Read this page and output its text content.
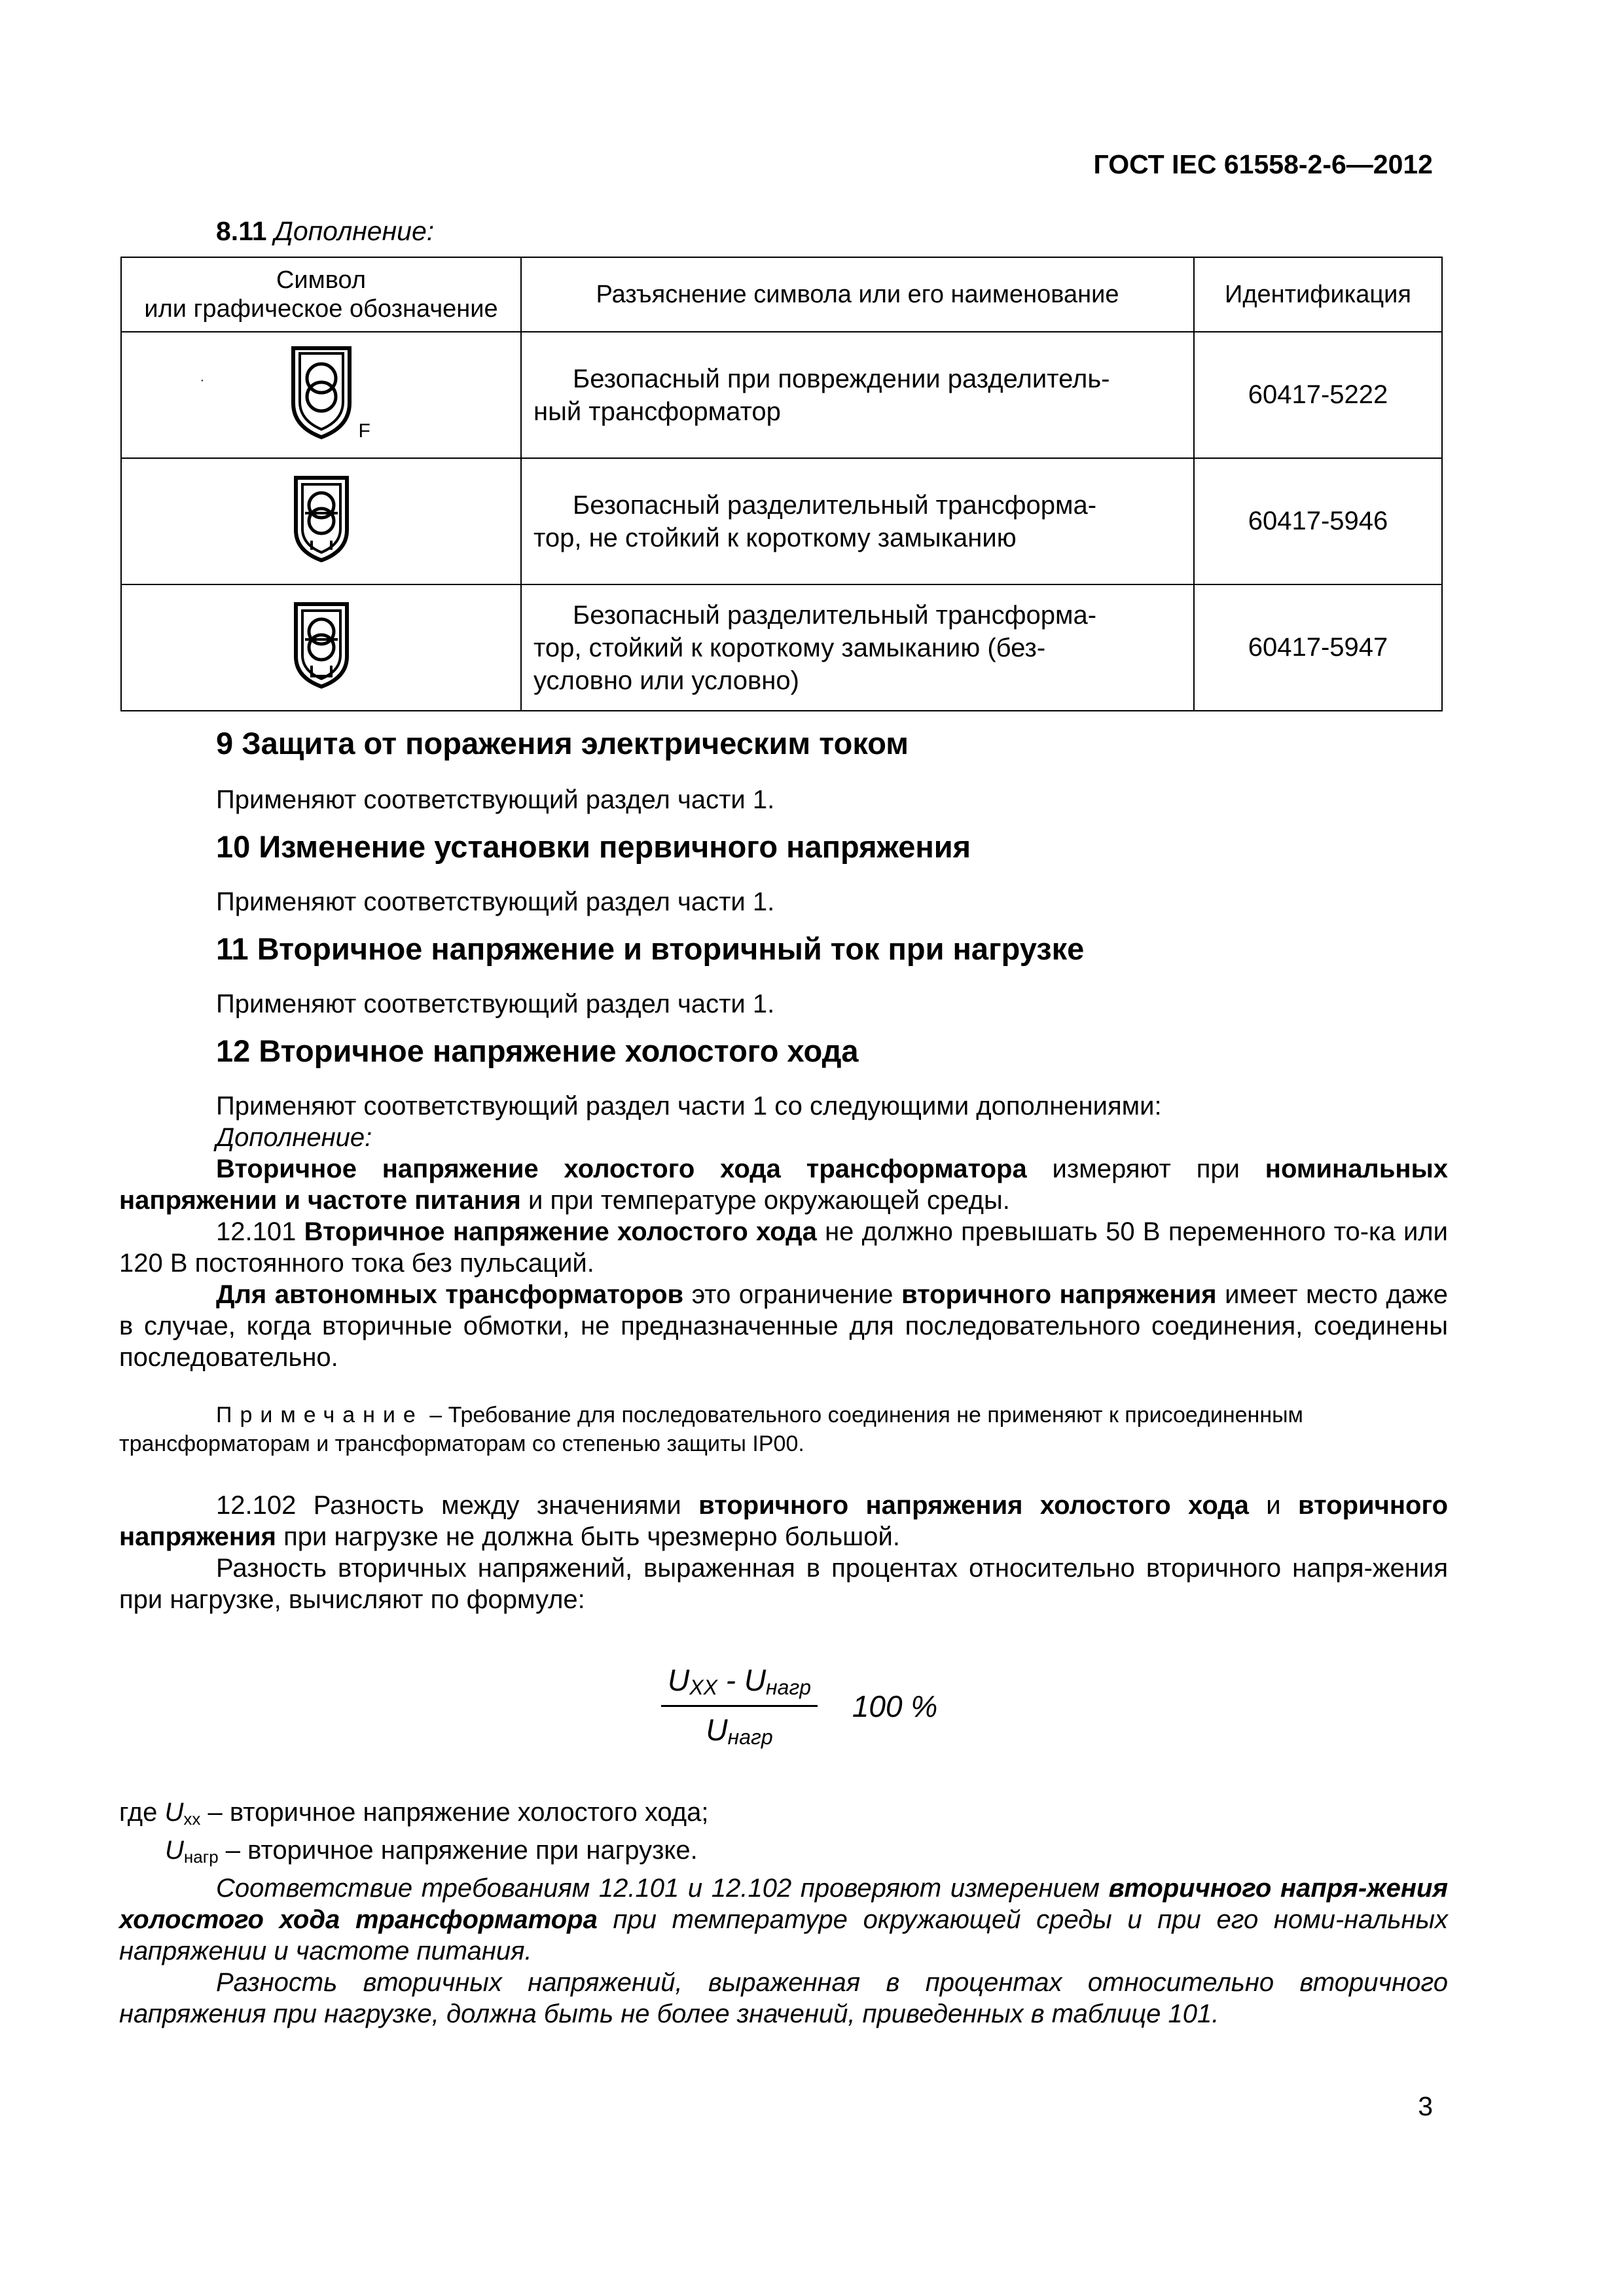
ГОСТ IEC 61558-2-6—2012
8.11 Дополнение:
Символ
или графическое обозначение	Разъяснение символа или его наименование	Идентификация

·
F	Безопасный при повреждении разделитель-
ный трансформатор	60417-5222

Безопасный разделительный трансформа-
тор, не стойкий к короткому замыканию	60417-5946

Безопасный разделительный трансформа-
тор, стойкий к короткому замыканию (без-
условно или условно)	60417-5947
9 Защита от поражения электрическим током

Применяют соответствующий раздел части 1.

10 Изменение установки первичного напряжения

Применяют соответствующий раздел части 1.

11 Вторичное напряжение и вторичный ток при нагрузке

Применяют соответствующий раздел части 1.

12 Вторичное напряжение холостого хода

Применяют соответствующий раздел части 1 со следующими дополнениями:

Дополнение:

Вторичное напряжение холостого хода трансформатора измеряют при номинальных напряжении и частоте питания и при температуре окружающей среды.

12.101 Вторичное напряжение холостого хода не должно превышать 50 В переменного то-ка или 120 В постоянного тока без пульсаций.

Для автономных трансформаторов это ограничение вторичного напряжения имеет место даже в случае, когда вторичные обмотки, не предназначенные для последовательного соединения, соединены последовательно.

Примечание – Требование для последовательного соединения не применяют к присоединенным трансформаторам и трансформаторам со степенью защиты IP00.

12.102 Разность между значениями вторичного напряжения холостого хода и вторичного напряжения при нагрузке не должна быть чрезмерно большой.

Разность вторичных напряжений, выраженная в процентах относительно вторичного напря-жения при нагрузке, вычисляют по формуле:

$\frac{\text{UXX - Uнагр}}{\text{Uнагр}} 100$ %
где Uхх – вторичное напряжение холостого хода;
Uнагр – вторичное напряжение при нагрузке.
Соответствие требованиям 12.101 и 12.102 проверяют измерением вторичного напря-жения холостого хода трансформатора при температуре окружающей среды и при его номи-нальных напряжении и частоте питания.
Разность вторичных напряжений, выраженная в процентах относительно вторичного напряжения при нагрузке, должна быть не более значений, приведенных в таблице 101.
3
